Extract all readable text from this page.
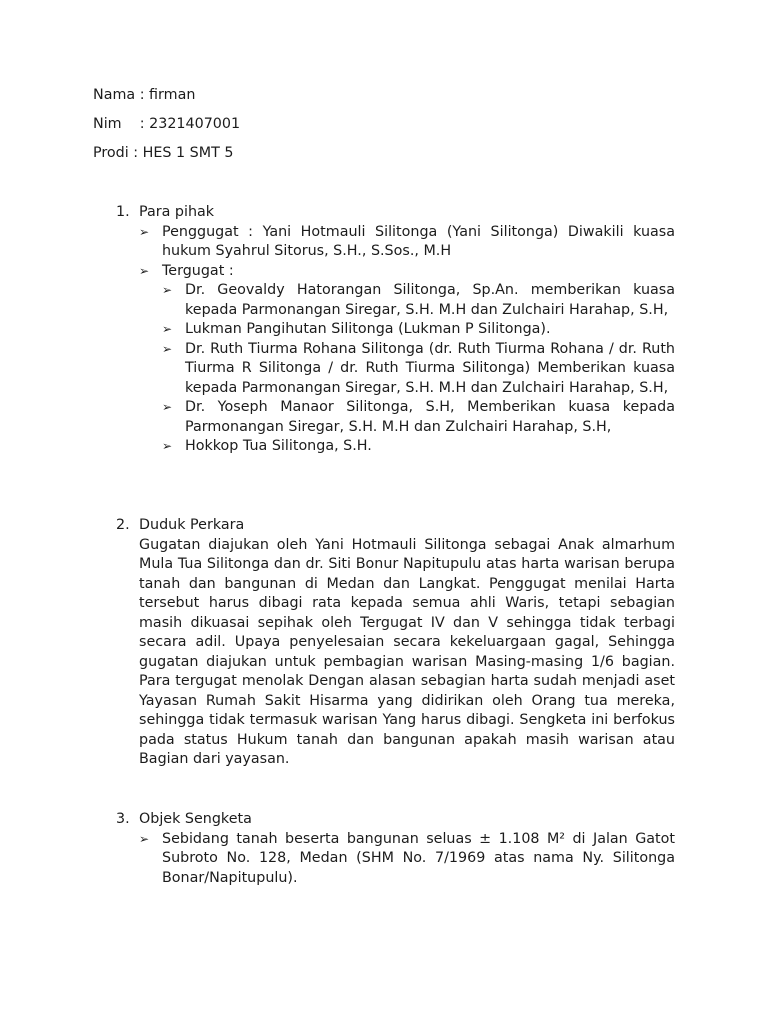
Nama : firman
Nim    : 2321407001
Prodi : HES 1 SMT 5
1. Para pihak
➢ Penggugat : Yani Hotmauli Silitonga (Yani Silitonga) Diwakili kuasa hukum Syahrul Sitorus, S.H., S.Sos., M.H
➢ Tergugat :
➢ Dr. Geovaldy Hatorangan Silitonga, Sp.An. memberikan kuasa kepada Parmonangan Siregar, S.H. M.H dan Zulchairi Harahap, S.H,
➢ Lukman Pangihutan Silitonga (Lukman P Silitonga).
➢ Dr. Ruth Tiurma Rohana Silitonga (dr. Ruth Tiurma Rohana / dr. Ruth Tiurma R Silitonga / dr. Ruth Tiurma Silitonga) Memberikan kuasa kepada Parmonangan Siregar, S.H. M.H dan Zulchairi Harahap, S.H,
➢ Dr. Yoseph Manaor Silitonga, S.H, Memberikan kuasa kepada Parmonangan Siregar, S.H. M.H dan Zulchairi Harahap, S.H,
➢ Hokkop Tua Silitonga, S.H.
2. Duduk Perkara
Gugatan diajukan oleh Yani Hotmauli Silitonga sebagai Anak almarhum Mula Tua Silitonga dan dr. Siti Bonur Napitupulu atas harta warisan berupa tanah dan bangunan di Medan dan Langkat. Penggugat menilai Harta tersebut harus dibagi rata kepada semua ahli Waris, tetapi sebagian masih dikuasai sepihak oleh Tergugat IV dan V sehingga tidak terbagi secara adil. Upaya penyelesaian secara kekeluargaan gagal, Sehingga gugatan diajukan untuk pembagian warisan Masing-masing 1/6 bagian. Para tergugat menolak Dengan alasan sebagian harta sudah menjadi aset Yayasan Rumah Sakit Hisarma yang didirikan oleh Orang tua mereka, sehingga tidak termasuk warisan Yang harus dibagi. Sengketa ini berfokus pada status Hukum tanah dan bangunan apakah masih warisan atau Bagian dari yayasan.
3. Objek Sengketa
➢ Sebidang tanah beserta bangunan seluas ± 1.108 M² di Jalan Gatot Subroto No. 128, Medan (SHM No. 7/1969 atas nama Ny. Silitonga Bonar/Napitupulu).
